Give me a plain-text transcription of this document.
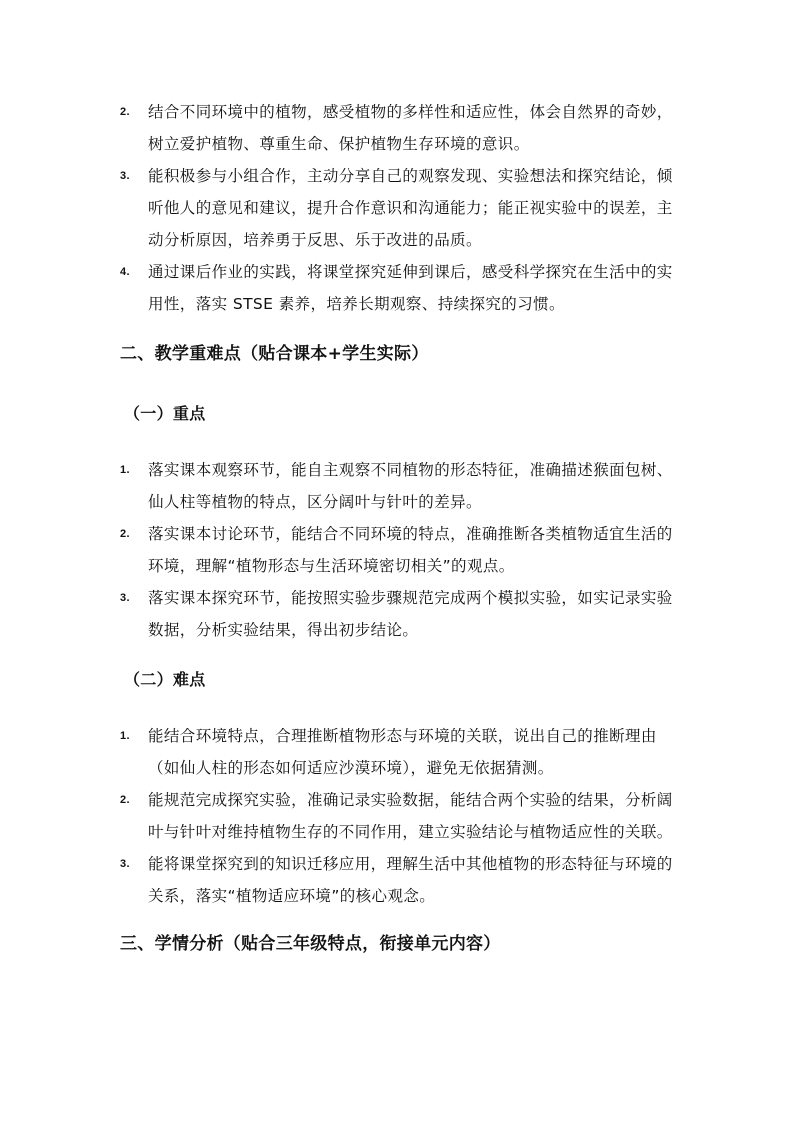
2. 结合不同环境中的植物，感受植物的多样性和适应性，体会自然界的奇妙，树立爱护植物、尊重生命、保护植物生存环境的意识。
3. 能积极参与小组合作，主动分享自己的观察发现、实验想法和探究结论，倾听他人的意见和建议，提升合作意识和沟通能力；能正视实验中的误差，主动分析原因，培养勇于反思、乐于改进的品质。
4. 通过课后作业的实践，将课堂探究延伸到课后，感受科学探究在生活中的实用性，落实 STSE 素养，培养长期观察、持续探究的习惯。
二、教学重难点（贴合课本+学生实际）
（一）重点
1. 落实课本观察环节，能自主观察不同植物的形态特征，准确描述猴面包树、仙人柱等植物的特点，区分阔叶与针叶的差异。
2. 落实课本讨论环节，能结合不同环境的特点，准确推断各类植物适宜生活的环境，理解“植物形态与生活环境密切相关”的观点。
3. 落实课本探究环节，能按照实验步骤规范完成两个模拟实验，如实记录实验数据，分析实验结果，得出初步结论。
（二）难点
1. 能结合环境特点，合理推断植物形态与环境的关联，说出自己的推断理由（如仙人柱的形态如何适应沙漠环境），避免无依据猜测。
2. 能规范完成探究实验，准确记录实验数据，能结合两个实验的结果，分析阔叶与针叶对维持植物生存的不同作用，建立实验结论与植物适应性的关联。
3. 能将课堂探究到的知识迁移应用，理解生活中其他植物的形态特征与环境的关系，落实“植物适应环境”的核心观念。
三、学情分析（贴合三年级特点，衔接单元内容）
